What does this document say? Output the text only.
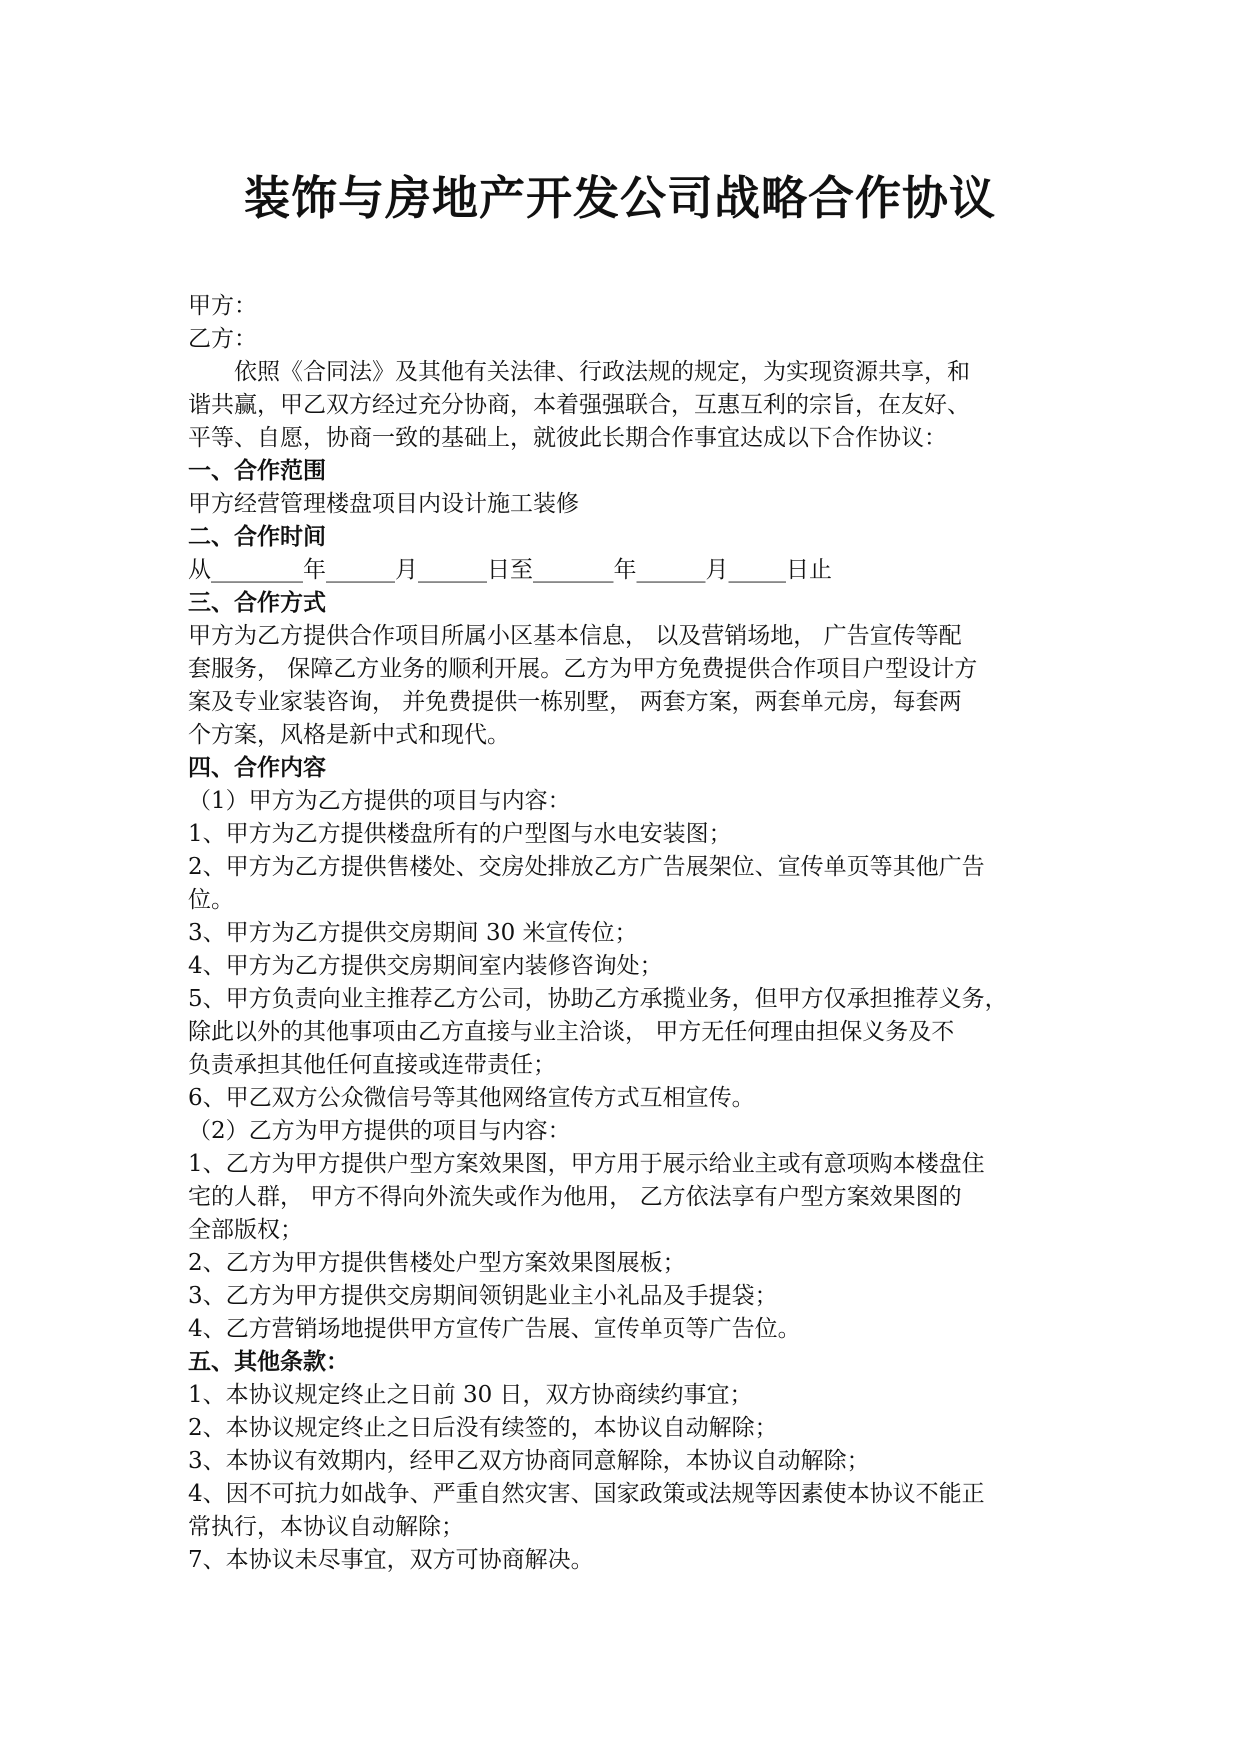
装饰与房地产开发公司战略合作协议
甲方：
乙方：
依照《合同法》及其他有关法律、行政法规的规定，为实现资源共享，和
谐共赢，甲乙双方经过充分协商，本着强强联合，互惠互利的宗旨，在友好、
平等、自愿，协商一致的基础上，就彼此长期合作事宜达成以下合作协议：
一、合作范围
甲方经营管理楼盘项目内设计施工装修
二、合作时间
从________年______月______日至_______年______月_____日止
三、合作方式
甲方为乙方提供合作项目所属小区基本信息， 以及营销场地， 广告宣传等配
套服务， 保障乙方业务的顺利开展。乙方为甲方免费提供合作项目户型设计方
案及专业家装咨询， 并免费提供一栋别墅， 两套方案，两套单元房，每套两
个方案，风格是新中式和现代。
四、合作内容
（1）甲方为乙方提供的项目与内容：
1、甲方为乙方提供楼盘所有的户型图与水电安装图；
2、甲方为乙方提供售楼处、交房处排放乙方广告展架位、宣传单页等其他广告
位。
3、甲方为乙方提供交房期间 30 米宣传位；
4、甲方为乙方提供交房期间室内装修咨询处；
5、甲方负责向业主推荐乙方公司，协助乙方承揽业务，但甲方仅承担推荐义务，
除此以外的其他事项由乙方直接与业主洽谈， 甲方无任何理由担保义务及不
负责承担其他任何直接或连带责任；
6、甲乙双方公众微信号等其他网络宣传方式互相宣传。
（2）乙方为甲方提供的项目与内容：
1、乙方为甲方提供户型方案效果图，甲方用于展示给业主或有意项购本楼盘住
宅的人群， 甲方不得向外流失或作为他用， 乙方依法享有户型方案效果图的
全部版权；
2、乙方为甲方提供售楼处户型方案效果图展板；
3、乙方为甲方提供交房期间领钥匙业主小礼品及手提袋；
4、乙方营销场地提供甲方宣传广告展、宣传单页等广告位。
五、其他条款：
1、本协议规定终止之日前 30 日，双方协商续约事宜；
2、本协议规定终止之日后没有续签的，本协议自动解除；
3、本协议有效期内，经甲乙双方协商同意解除，本协议自动解除；
4、因不可抗力如战争、严重自然灾害、国家政策或法规等因素使本协议不能正
常执行，本协议自动解除；
7、本协议未尽事宜，双方可协商解决。
